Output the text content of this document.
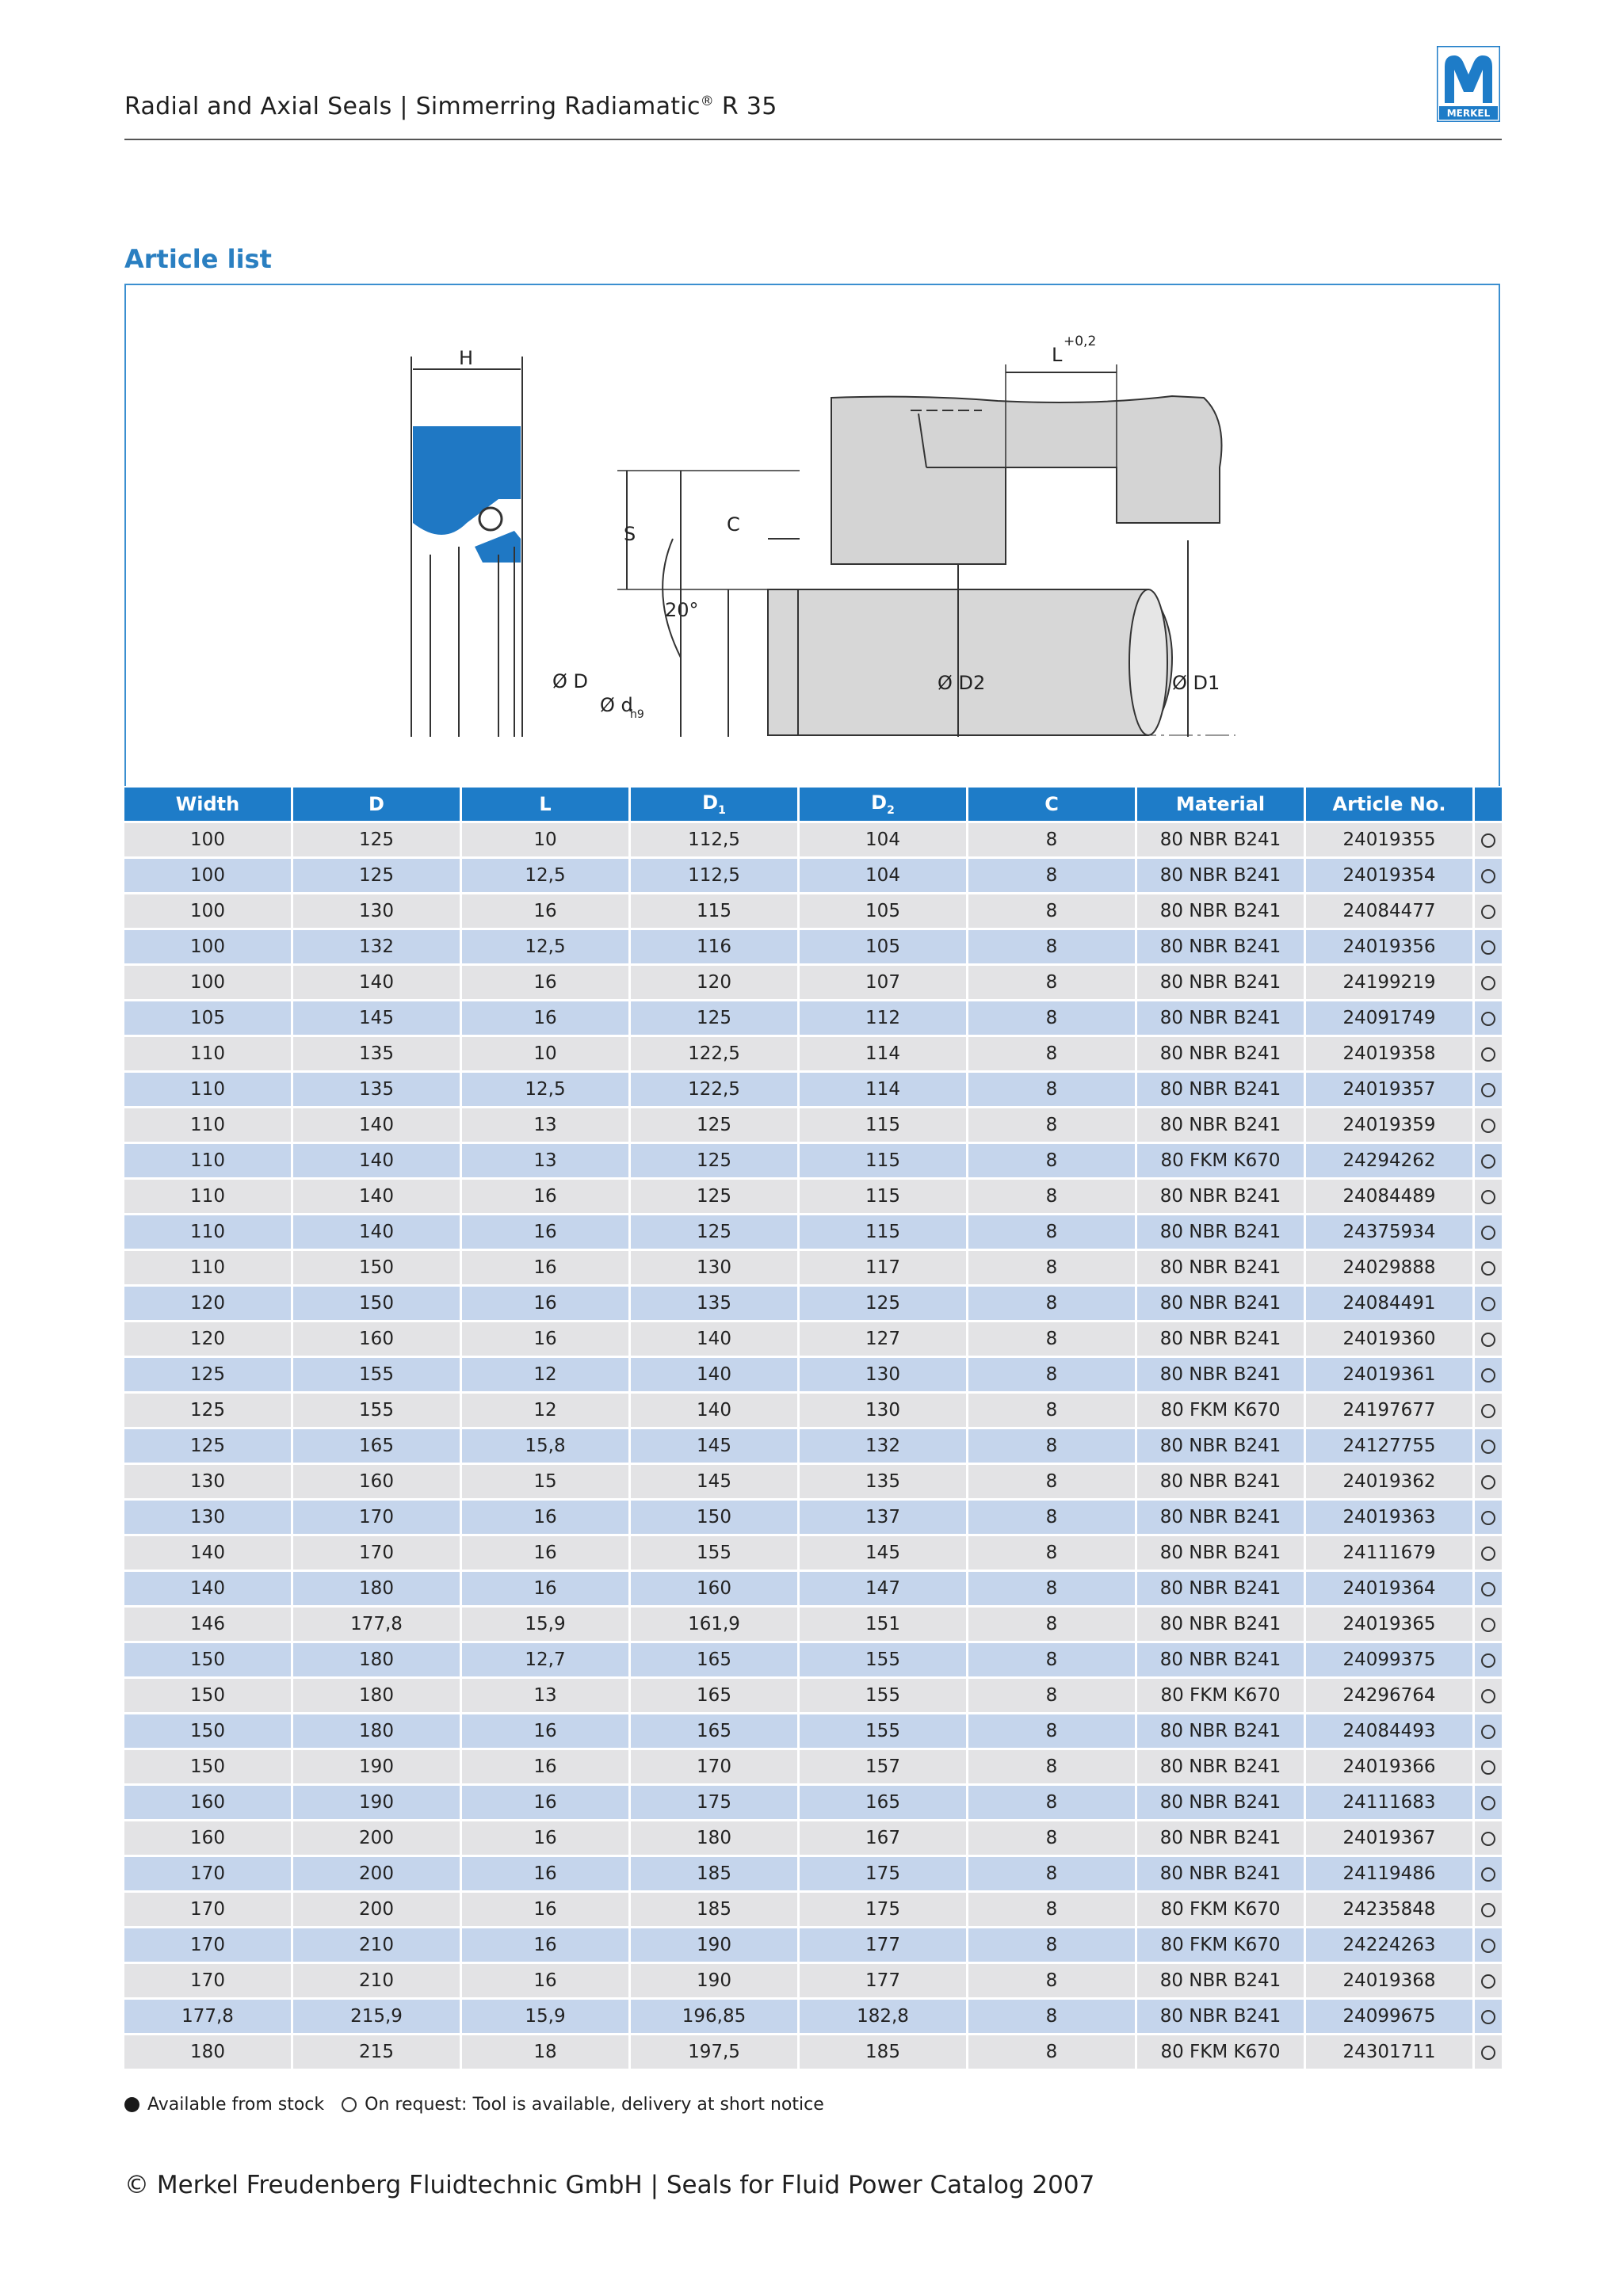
Radial and Axial Seals | Simmerring Radiamatic® R 35	MERKEL
Article list
H	L
+0,2
S	C
20°
Ø D
Ø d
h9
Ø D2	Ø D1
Width	D	L	$D_1$	$D_2$	C	Material	Article No.	
100	125	10	112,5	104	8	80 NBR B241	24019355	
100	125	12,5	112,5	104	8	80 NBR B241	24019354	
100	130	16	115	105	8	80 NBR B241	24084477	
100	132	12,5	116	105	8	80 NBR B241	24019356	
100	140	16	120	107	8	80 NBR B241	24199219	
105	145	16	125	112	8	80 NBR B241	24091749	
110	135	10	122,5	114	8	80 NBR B241	24019358	
110	135	12,5	122,5	114	8	80 NBR B241	24019357	
110	140	13	125	115	8	80 NBR B241	24019359	
110	140	13	125	115	8	80 FKM K670	24294262	
110	140	16	125	115	8	80 NBR B241	24084489	
110	140	16	125	115	8	80 NBR B241	24375934	
110	150	16	130	117	8	80 NBR B241	24029888	
120	150	16	135	125	8	80 NBR B241	24084491	
120	160	16	140	127	8	80 NBR B241	24019360	
125	155	12	140	130	8	80 NBR B241	24019361	
125	155	12	140	130	8	80 FKM K670	24197677	
125	165	15,8	145	132	8	80 NBR B241	24127755	
130	160	15	145	135	8	80 NBR B241	24019362	
130	170	16	150	137	8	80 NBR B241	24019363	
140	170	16	155	145	8	80 NBR B241	24111679	
140	180	16	160	147	8	80 NBR B241	24019364	
146	177,8	15,9	161,9	151	8	80 NBR B241	24019365	
150	180	12,7	165	155	8	80 NBR B241	24099375	
150	180	13	165	155	8	80 FKM K670	24296764	
150	180	16	165	155	8	80 NBR B241	24084493	
150	190	16	170	157	8	80 NBR B241	24019366	
160	190	16	175	165	8	80 NBR B241	24111683	
160	200	16	180	167	8	80 NBR B241	24019367	
170	200	16	185	175	8	80 NBR B241	24119486	
170	200	16	185	175	8	80 FKM K670	24235848	
170	210	16	190	177	8	80 FKM K670	24224263	
170	210	16	190	177	8	80 NBR B241	24019368	
177,8	215,9	15,9	196,85	182,8	8	80 NBR B241	24099675	
180	215	18	197,5	185	8	80 FKM K670	24301711	
Available from stock On request: Tool is available, delivery at short notice
© Merkel Freudenberg Fluidtechnic GmbH | Seals for Fluid Power Catalog 2007
